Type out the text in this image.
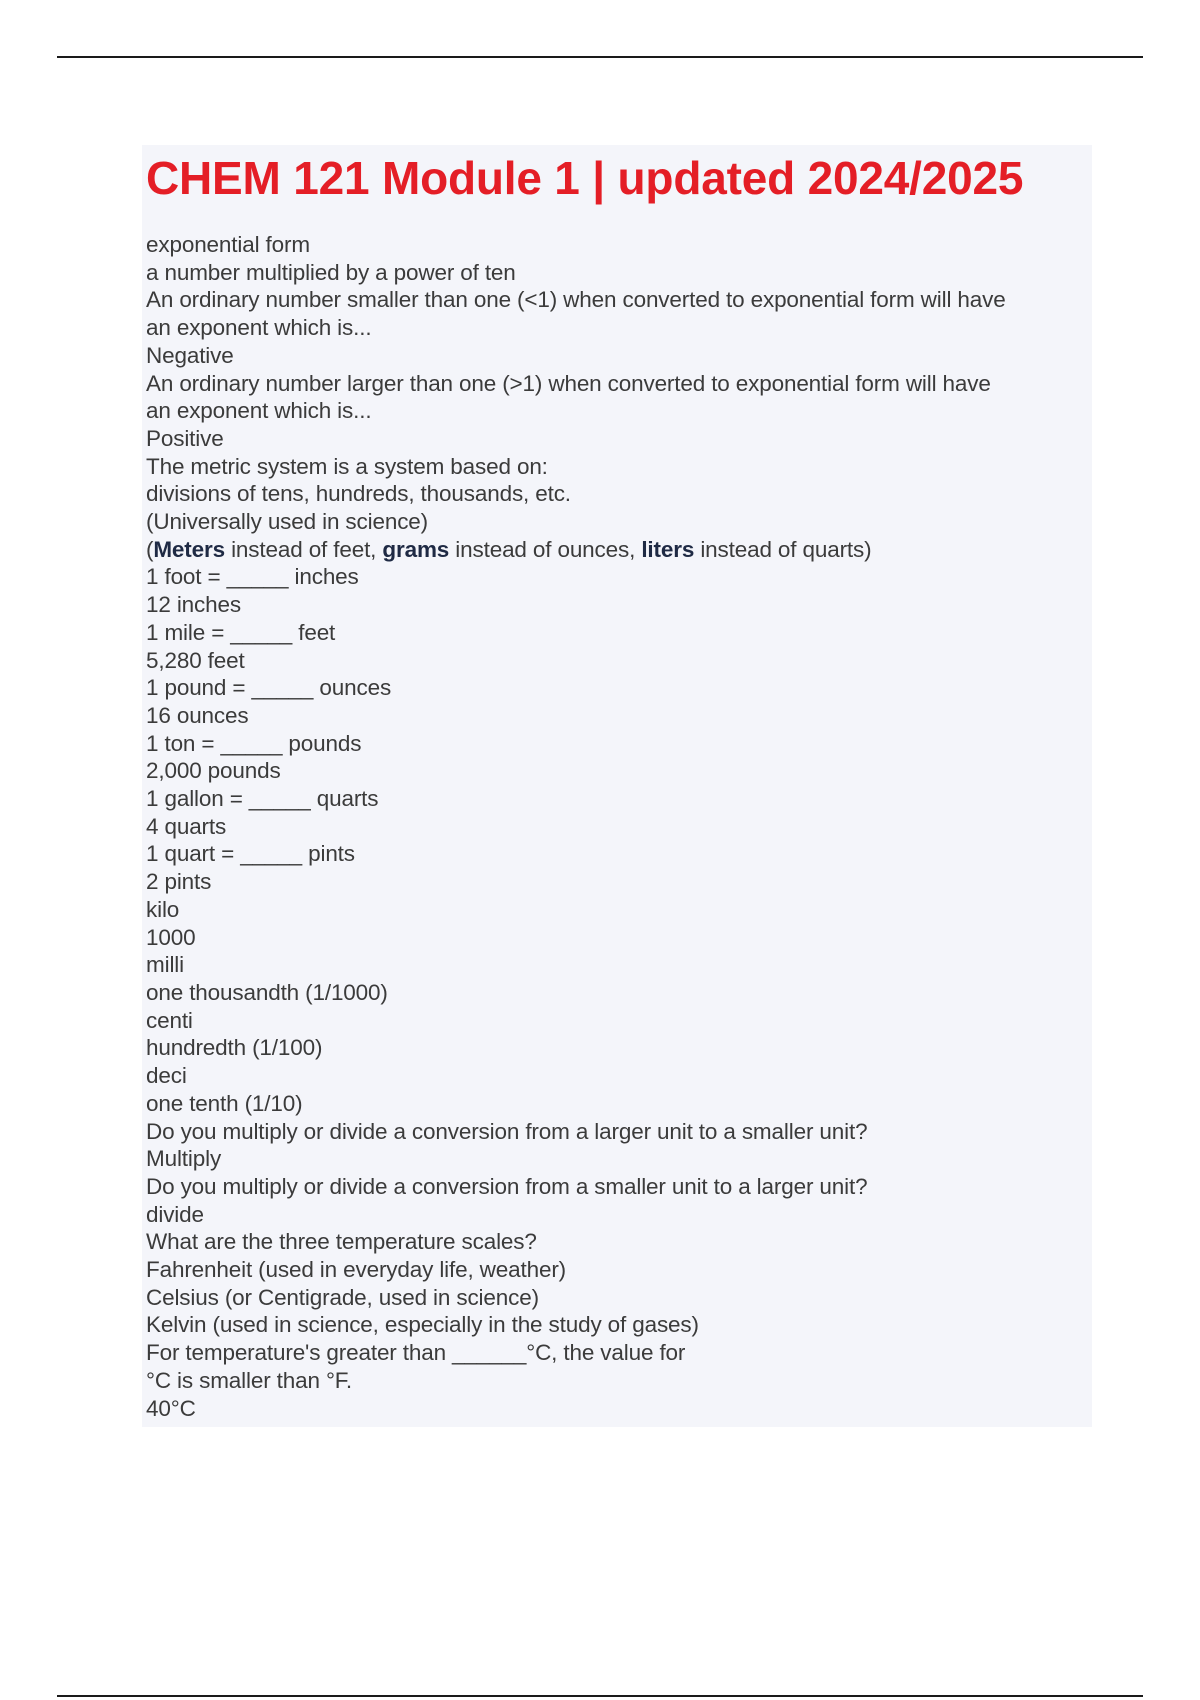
CHEM 121 Module 1 | updated 2024/2025
exponential form
a number multiplied by a power of ten
An ordinary number smaller than one (<1) when converted to exponential form will have
an exponent which is...
Negative
An ordinary number larger than one (>1) when converted to exponential form will have
an exponent which is...
Positive
The metric system is a system based on:
divisions of tens, hundreds, thousands, etc.
(Universally used in science)
(Meters instead of feet, grams instead of ounces, liters instead of quarts)
1 foot = _____ inches
12 inches
1 mile = _____ feet
5,280 feet
1 pound = _____ ounces
16 ounces
1 ton = _____ pounds
2,000 pounds
1 gallon = _____ quarts
4 quarts
1 quart = _____ pints
2 pints
kilo
1000
milli
one thousandth (1/1000)
centi
hundredth (1/100)
deci
one tenth (1/10)
Do you multiply or divide a conversion from a larger unit to a smaller unit?
Multiply
Do you multiply or divide a conversion from a smaller unit to a larger unit?
divide
What are the three temperature scales?
Fahrenheit (used in everyday life, weather)
Celsius (or Centigrade, used in science)
Kelvin (used in science, especially in the study of gases)
For temperature's greater than ______°C, the value for
°C is smaller than °F.
40°C
